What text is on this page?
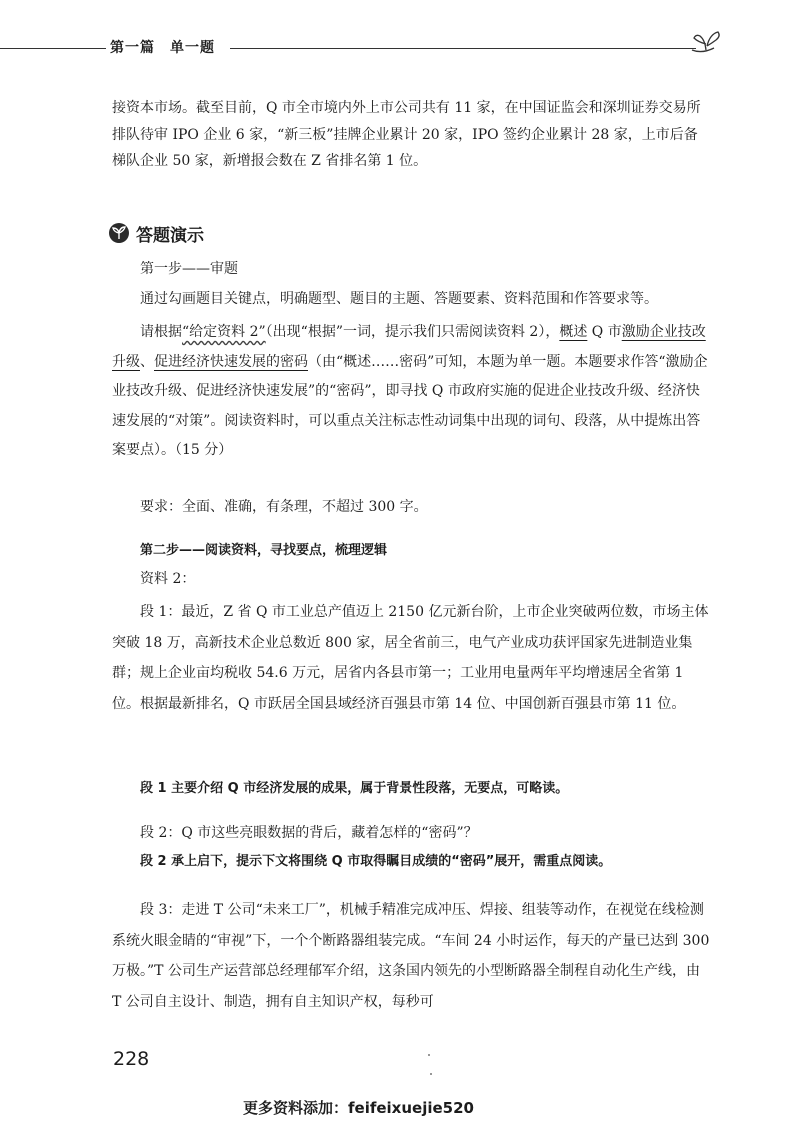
第一篇　单一题

接资本市场。截至目前，Q 市全市境内外上市公司共有 11 家，在中国证监会和深圳证券交易所排队待审 IPO 企业 6 家，“新三板”挂牌企业累计 20 家，IPO 签约企业累计 28 家，上市后备梯队企业 50 家，新增报会数在 Z 省排名第 1 位。

答题演示

第一步——审题

通过勾画题目关键点，明确题型、题目的主题、答题要素、资料范围和作答要求等。

请根据“给定资料 2”（出现“根据”一词，提示我们只需阅读资料 2），概述 Q 市激励企业技改升级、促进经济快速发展的密码（由“概述……密码”可知，本题为单一题。本题要求作答“激励企业技改升级、促进经济快速发展”的“密码”，即寻找 Q 市政府实施的促进企业技改升级、经济快速发展的“对策”。阅读资料时，可以重点关注标志性动词集中出现的词句、段落，从中提炼出答案要点）。（15 分）

要求：全面、准确，有条理，不超过 300 字。

第二步——阅读资料，寻找要点，梳理逻辑

资料 2：

段 1：最近，Z 省 Q 市工业总产值迈上 2150 亿元新台阶，上市企业突破两位数，市场主体突破 18 万，高新技术企业总数近 800 家，居全省前三，电气产业成功获评国家先进制造业集群；规上企业亩均税收 54.6 万元，居省内各县市第一；工业用电量两年平均增速居全省第 1 位。根据最新排名，Q 市跃居全国县域经济百强县市第 14 位、中国创新百强县市第 11 位。

段 1 主要介绍 Q 市经济发展的成果，属于背景性段落，无要点，可略读。

段 2：Q 市这些亮眼数据的背后，藏着怎样的“密码”？

段 2 承上启下，提示下文将围绕 Q 市取得瞩目成绩的“密码”展开，需重点阅读。

段 3：走进 T 公司“未来工厂”，机械手精准完成冲压、焊接、组装等动作，在视觉在线检测系统火眼金睛的“审视”下，一个个断路器组装完成。“车间 24 小时运作，每天的产量已达到 300 万极。”T 公司生产运营部总经理郁军介绍，这条国内领先的小型断路器全制程自动化生产线，由 T 公司自主设计、制造，拥有自主知识产权，每秒可

228
更多资料添加：feifeixuejie520
